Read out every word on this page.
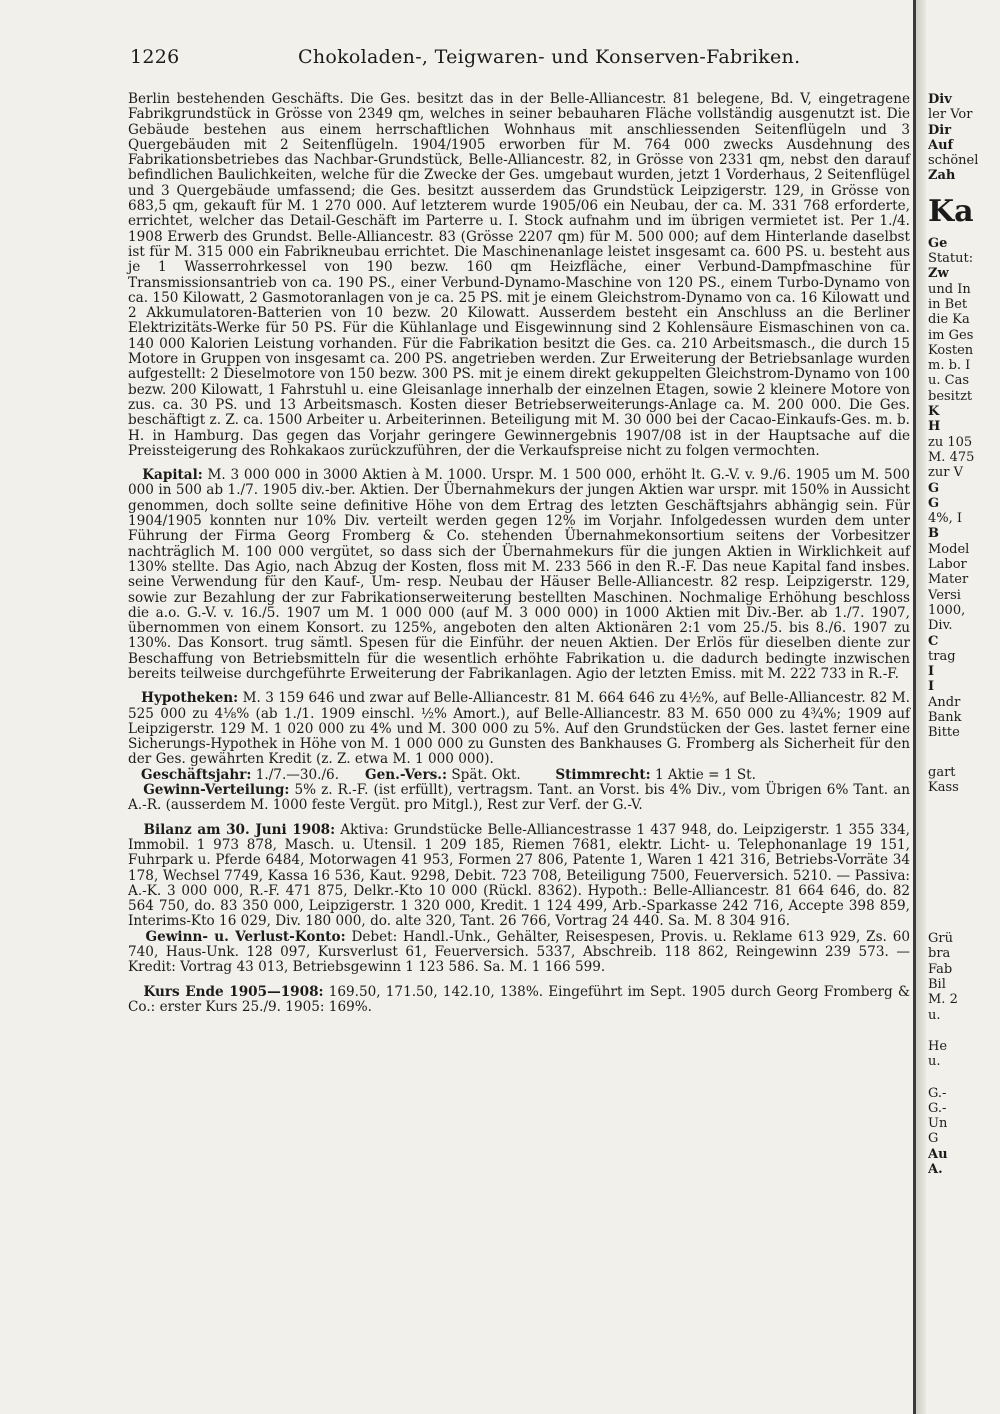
1226	Chokoladen-, Teigwaren- und Konserven-Fabriken.

Berlin bestehenden Geschäfts. Die Ges. besitzt das in der Belle-Alliancestr. 81 belegene, Bd. V, eingetragene Fabrikgrundstück in Grösse von 2349 qm, welches in seiner bebauharen Fläche vollständig ausgenutzt ist. Die Gebäude bestehen aus einem herrschaftlichen Wohnhaus mit anschliessenden Seitenflügeln und 3 Quergebäuden mit 2 Seitenflügeln. 1904/1905 erworben für M. 764 000 zwecks Ausdehnung des Fabrikationsbetriebes das Nachbar-Grundstück, Belle-Alliancestr. 82, in Grösse von 2331 qm, nebst den darauf befindlichen Baulichkeiten, welche für die Zwecke der Ges. umgebaut wurden, jetzt 1 Vorderhaus, 2 Seitenflügel und 3 Quergebäude umfassend; die Ges. besitzt ausserdem das Grundstück Leipzigerstr. 129, in Grösse von 683,5 qm, gekauft für M. 1 270 000. Auf letzterem wurde 1905/06 ein Neubau, der ca. M. 331 768 erforderte, errichtet, welcher das Detail-Geschäft im Parterre u. I. Stock aufnahm und im übrigen vermietet ist. Per 1./4. 1908 Erwerb des Grundst. Belle-Alliancestr. 83 (Grösse 2207 qm) für M. 500 000; auf dem Hinterlande daselbst ist für M. 315 000 ein Fabrikneubau errichtet. Die Maschinenanlage leistet insgesamt ca. 600 PS. u. besteht aus je 1 Wasserrohrkessel von 190 bezw. 160 qm Heizfläche, einer Verbund-Dampfmaschine für Transmissionsantrieb von ca. 190 PS., einer Verbund-Dynamo-Maschine von 120 PS., einem Turbo-Dynamo von ca. 150 Kilowatt, 2 Gasmotoranlagen von je ca. 25 PS. mit je einem Gleichstrom-Dynamo von ca. 16 Kilowatt und 2 Akkumulatoren-Batterien von 10 bezw. 20 Kilowatt. Ausserdem besteht ein Anschluss an die Berliner Elektrizitäts-Werke für 50 PS. Für die Kühlanlage und Eisgewinnung sind 2 Kohlensäure Eismaschinen von ca. 140 000 Kalorien Leistung vorhanden. Für die Fabrikation besitzt die Ges. ca. 210 Arbeitsmasch., die durch 15 Motore in Gruppen von insgesamt ca. 200 PS. angetrieben werden. Zur Erweiterung der Betriebsanlage wurden aufgestellt: 2 Dieselmotore von 150 bezw. 300 PS. mit je einem direkt gekuppelten Gleichstrom-Dynamo von 100 bezw. 200 Kilowatt, 1 Fahrstuhl u. eine Gleisanlage innerhalb der einzelnen Etagen, sowie 2 kleinere Motore von zus. ca. 30 PS. und 13 Arbeitsmasch. Kosten dieser Betriebserweiterungs-Anlage ca. M. 200 000. Die Ges. beschäftigt z. Z. ca. 1500 Arbeiter u. Arbeiterinnen. Beteiligung mit M. 30 000 bei der Cacao-Einkaufs-Ges. m. b. H. in Hamburg. Das gegen das Vorjahr geringere Gewinnergebnis 1907/08 ist in der Hauptsache auf die Preissteigerung des Rohkakaos zurückzuführen, der die Verkaufspreise nicht zu folgen vermochten.

Kapital: M. 3 000 000 in 3000 Aktien à M. 1000. Urspr. M. 1 500 000, erhöht lt. G.-V. v. 9./6. 1905 um M. 500 000 in 500 ab 1./7. 1905 div.-ber. Aktien. Der Übernahmekurs der jungen Aktien war urspr. mit 150% in Aussicht genommen, doch sollte seine definitive Höhe von dem Ertrag des letzten Geschäftsjahrs abhängig sein. Für 1904/1905 konnten nur 10% Div. verteilt werden gegen 12% im Vorjahr. Infolgedessen wurden dem unter Führung der Firma Georg Fromberg & Co. stehenden Übernahmekonsortium seitens der Vorbesitzer nachträglich M. 100 000 vergütet, so dass sich der Übernahmekurs für die jungen Aktien in Wirklichkeit auf 130% stellte. Das Agio, nach Abzug der Kosten, floss mit M. 233 566 in den R.-F. Das neue Kapital fand insbes. seine Verwendung für den Kauf-, Um- resp. Neubau der Häuser Belle-Alliancestr. 82 resp. Leipzigerstr. 129, sowie zur Bezahlung der zur Fabrikationserweiterung bestellten Maschinen. Nochmalige Erhöhung beschloss die a.o. G.-V. v. 16./5. 1907 um M. 1 000 000 (auf M. 3 000 000) in 1000 Aktien mit Div.-Ber. ab 1./7. 1907, übernommen von einem Konsort. zu 125%, angeboten den alten Aktionären 2:1 vom 25./5. bis 8./6. 1907 zu 130%. Das Konsort. trug sämtl. Spesen für die Einführ. der neuen Aktien. Der Erlös für dieselben diente zur Beschaffung von Betriebsmitteln für die wesentlich erhöhte Fabrikation u. die dadurch bedingte inzwischen bereits teilweise durchgeführte Erweiterung der Fabrikanlagen. Agio der letzten Emiss. mit M. 222 733 in R.-F.

Hypotheken: M. 3 159 646 und zwar auf Belle-Alliancestr. 81 M. 664 646 zu 4½%, auf Belle-Alliancestr. 82 M. 525 000 zu 4⅛% (ab 1./1. 1909 einschl. ½% Amort.), auf Belle-Alliancestr. 83 M. 650 000 zu 4¾%; 1909 auf Leipzigerstr. 129 M. 1 020 000 zu 4% und M. 300 000 zu 5%. Auf den Grundstücken der Ges. lastet ferner eine Sicherungs-Hypothek in Höhe von M. 1 000 000 zu Gunsten des Bankhauses G. Fromberg als Sicherheit für den der Ges. gewährten Kredit (z. Z. etwa M. 1 000 000).

Geschäftsjahr: 1./7.—30./6. Gen.-Vers.: Spät. Okt.	Stimmrecht: 1 Aktie = 1 St.

Gewinn-Verteilung: 5% z. R.-F. (ist erfüllt), vertragsm. Tant. an Vorst. bis 4% Div., vom Übrigen 6% Tant. an A.-R. (ausserdem M. 1000 feste Vergüt. pro Mitgl.), Rest zur Verf. der G.-V.

Bilanz am 30. Juni 1908: Aktiva: Grundstücke Belle-Alliancestrasse 1 437 948, do. Leipzigerstr. 1 355 334, Immobil. 1 973 878, Masch. u. Utensil. 1 209 185, Riemen 7681, elektr. Licht- u. Telephonanlage 19 151, Fuhrpark u. Pferde 6484, Motorwagen 41 953, Formen 27 806, Patente 1, Waren 1 421 316, Betriebs-Vorräte 34 178, Wechsel 7749, Kassa 16 536, Kaut. 9298, Debit. 723 708, Beteiligung 7500, Feuerversich. 5210. — Passiva: A.-K. 3 000 000, R.-F. 471 875, Delkr.-Kto 10 000 (Rückl. 8362). Hypoth.: Belle-Alliancestr. 81 664 646, do. 82 564 750, do. 83 350 000, Leipzigerstr. 1 320 000, Kredit. 1 124 499, Arb.-Sparkasse 242 716, Accepte 398 859, Interims-Kto 16 029, Div. 180 000, do. alte 320, Tant. 26 766, Vortrag 24 440. Sa. M. 8 304 916.

Gewinn- u. Verlust-Konto: Debet: Handl.-Unk., Gehälter, Reisespesen, Provis. u. Reklame 613 929, Zs. 60 740, Haus-Unk. 128 097, Kursverlust 61, Feuerversich. 5337, Abschreib. 118 862, Reingewinn 239 573. — Kredit: Vortrag 43 013, Betriebsgewinn 1 123 586. Sa. M. 1 166 599.

Kurs Ende 1905—1908: 169.50, 171.50, 142.10, 138%. Eingeführt im Sept. 1905 durch Georg Fromberg & Co.: erster Kurs 25./9. 1905: 169%.

Div
ler Vor
Dir
Auf
schönel
Zah
Ka
Ge
Statut:
Zw
und In
in Bet
die Ka
im Ges
Kosten
m. b. I
u. Cas
besitzt
K
H
zu 105
M. 475
zur V
G
G
4%, I
B
Model
Labor
Mater
Versi
1000,
Div.
C
trag
I
I
Andr
Bank
Bitte
gart
Kass
Grü
bra
Fab
Bil
M. 2
u.
He
u.
G.-
G.-
Un
G
Au
A.
